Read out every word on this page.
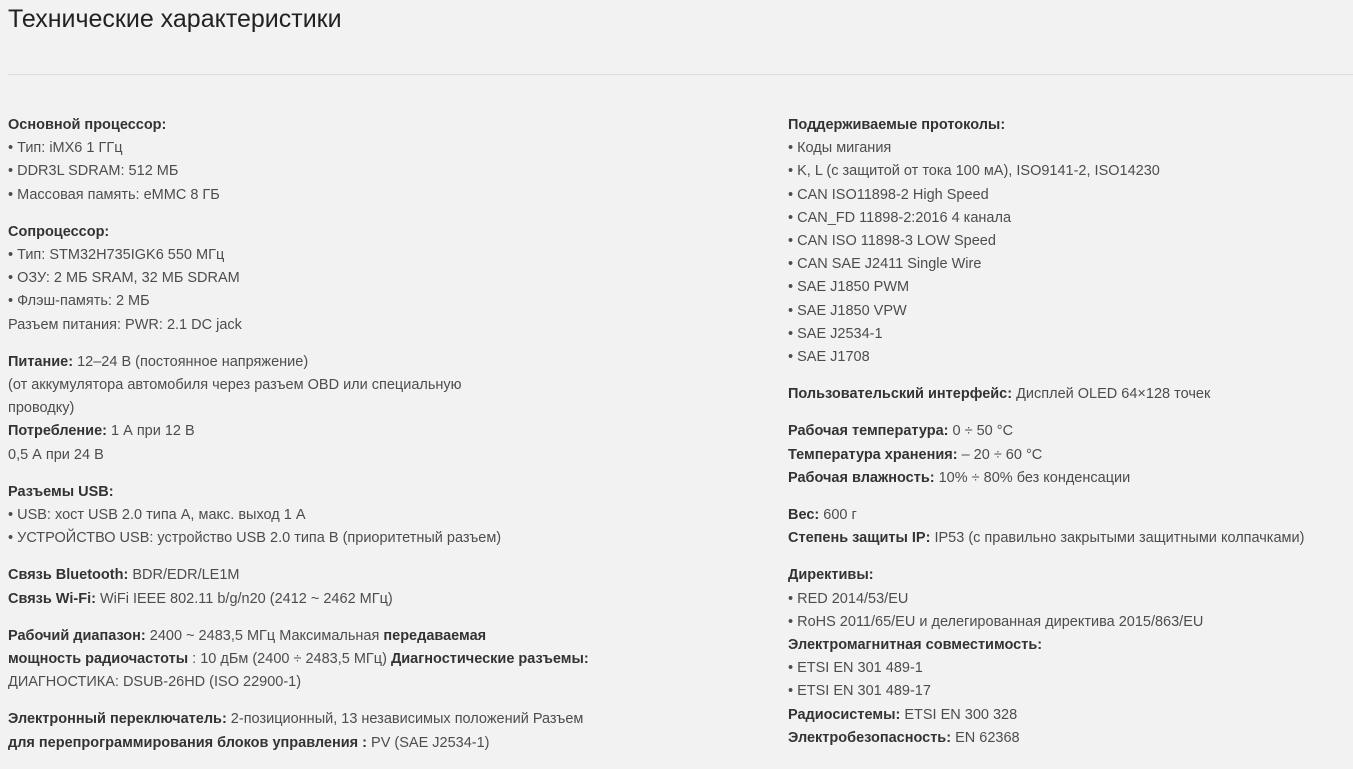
Технические характеристики
Основной процессор:
• Тип: iMX6 1 ГГц
• DDR3L SDRAM: 512 МБ
• Массовая память: eMMC 8 ГБ
Сопроцессор:
• Тип: STM32H735IGK6 550 МГц
• ОЗУ: 2 МБ SRAM, 32 МБ SDRAM
• Флэш-память: 2 МБ
Разъем питания: PWR: 2.1 DC jack
Питание: 12–24 В (постоянное напряжение)
(от аккумулятора автомобиля через разъем OBD или специальную
проводку)
Потребление: 1 А при 12 В
0,5 А при 24 В
Разъемы USB:
• USB: хост USB 2.0 типа A, макс. выход 1 A
• УСТРОЙСТВО USB: устройство USB 2.0 типа B (приоритетный разъем)
Связь Bluetooth: BDR/EDR/LE1M
Связь Wi-Fi: WiFi IEEE 802.11 b/g/n20 (2412 ~ 2462 МГц)
Рабочий диапазон: 2400 ~ 2483,5 МГц Максимальная передаваемая
мощность радиочастоты : 10 дБм (2400 ÷ 2483,5 МГц) Диагностические разъемы:
ДИАГНОСТИКА: DSUB-26HD (ISO 22900-1)
Электронный переключатель: 2-позиционный, 13 независимых положений Разъем
для перепрограммирования блоков управления : PV (SAE J2534-1)
Поддерживаемые протоколы:
• Коды мигания
• K, L (с защитой от тока 100 мА), ISO9141-2, ISO14230
• CAN ISO11898-2 High Speed
• CAN_FD 11898-2:2016 4 канала
• CAN ISO 11898-3 LOW Speed
• CAN SAE J2411 Single Wire
• SAE J1850 PWM
• SAE J1850 VPW
• SAE J2534-1
• SAE J1708
Пользовательский интерфейс: Дисплей OLED 64×128 точек
Рабочая температура: 0 ÷ 50 °C
Температура хранения: – 20 ÷ 60 °C
Рабочая влажность: 10% ÷ 80% без конденсации
Вес: 600 г
Степень защиты IP: IP53 (с правильно закрытыми защитными колпачками)
Директивы:
• RED 2014/53/EU
• RoHS 2011/65/EU и делегированная директива 2015/863/EU
Электромагнитная совместимость:
• ETSI EN 301 489-1
• ETSI EN 301 489-17
Радиосистемы: ETSI EN 300 328
Электробезопасность: EN 62368
